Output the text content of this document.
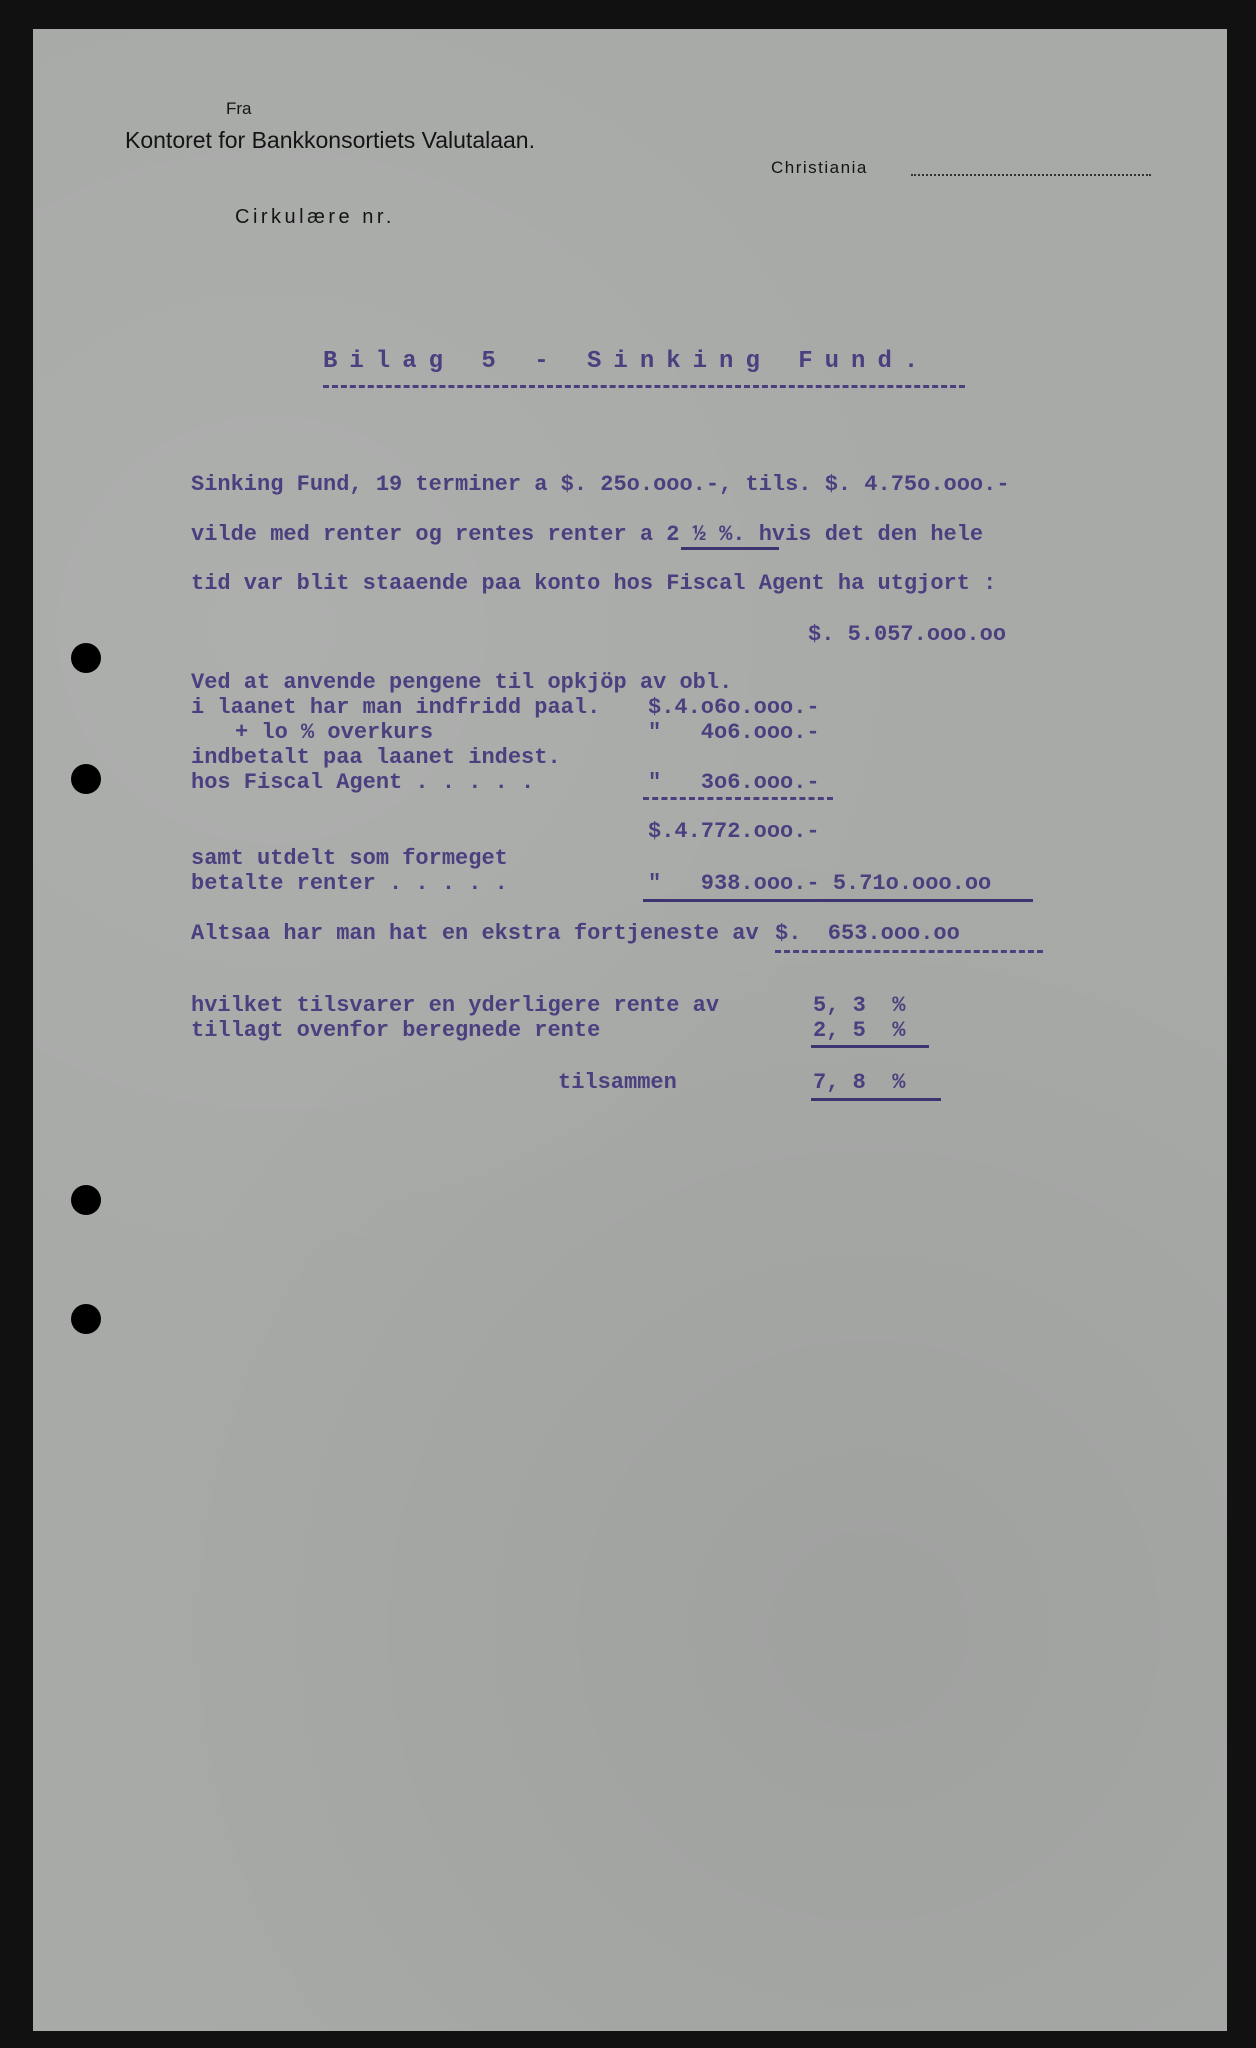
Fra
Kontoret for Bankkonsortiets Valutalaan.
Christiania
Cirkulære nr.
Bilag 5 - Sinking Fund.
Sinking Fund, 19 terminer a $. 25o.ooo.-, tils. $. 4.75o.ooo.-
vilde med renter og rentes renter a 2 ½ %. hvis det den hele
tid var blit staaende paa konto hos Fiscal Agent ha utgjort :
$. 5.057.ooo.oo
Ved at anvende pengene til opkjöp av obl.
i laanet har man indfridd paal. $.4.o6o.ooo.-
+ lo % overkurs	"   4o6.ooo.-
indbetalt paa laanet indest.
hos Fiscal Agent . . . . .	"   3o6.ooo.-
$.4.772.ooo.-
samt utdelt som formeget
betalte renter . . . . .	"   938.ooo.- 5.71o.ooo.oo
Altsaa har man hat en ekstra fortjeneste av $.  653.ooo.oo
hvilket tilsvarer en yderligere rente av	5, 3  %
tillagt ovenfor beregnede rente	2, 5  %
tilsammen	7, 8  %
